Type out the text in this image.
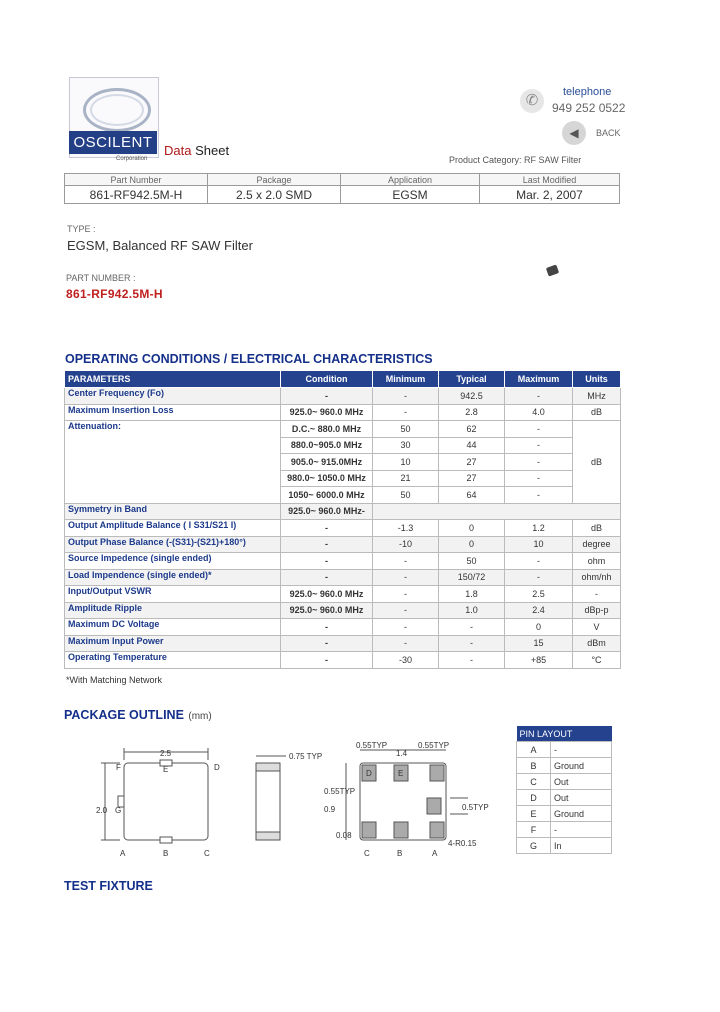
OSCILENT
Corporation
Data Sheet
✆	telephone
949 252 0522
◀	BACK
Product Category: RF SAW Filter
Part Number	Package	Application	Last Modified
861-RF942.5M-H	2.5 x 2.0 SMD	EGSM	Mar. 2, 2007
TYPE :
EGSM, Balanced RF SAW Filter
PART NUMBER :
861-RF942.5M-H
OPERATING CONDITIONS / ELECTRICAL CHARACTERISTICS
PARAMETERS	Condition	Minimum	Typical	Maximum	Units
Center Frequency (Fo)	-	-	942.5	-	MHz
Maximum Insertion Loss	925.0~ 960.0 MHz	-	2.8	4.0	dB
Attenuation:	D.C.~ 880.0 MHz	50	62	-	dB
	880.0~905.0 MHz	30	44	-	
	905.0~ 915.0MHz	10	27	-	
	980.0~ 1050.0 MHz	21	27	-	
	1050~ 6000.0 MHz	50	64	-	
Symmetry in Band	925.0~ 960.0 MHz-				
Output Amplitude Balance ( I S31/S21 I)	-	-1.3	0	1.2	dB
Output Phase Balance (-(S31)-(S21)+180°)	-	-10	0	10	degree
Source Impedence (single ended)	-	-	50	-	ohm
Load Impendence (single ended)*	-	-	150/72	-	ohm/nh
Input/Output VSWR	925.0~ 960.0 MHz	-	1.8	2.5	-
Amplitude Ripple	925.0~ 960.0 MHz	-	1.0	2.4	dBp-p
Maximum DC Voltage	-	-	-	0	V
Maximum Input Power	-	-	-	15	dBm
Operating Temperature	-	-30	-	+85	°C
*With Matching Network
PACKAGE OUTLINE (mm)
2.5
2.0 G
F	E	D
A	B	C
0.75 TYP
0.55TYP
1.4
0.55TYP
0.9
0.55TYP
0.5TYP
0.08
4-R0.15
D	E
C	B	A
PIN LAYOUT	
A	-
B	Ground
C	Out
D	Out
E	Ground
F	-
G	In
TEST FIXTURE
